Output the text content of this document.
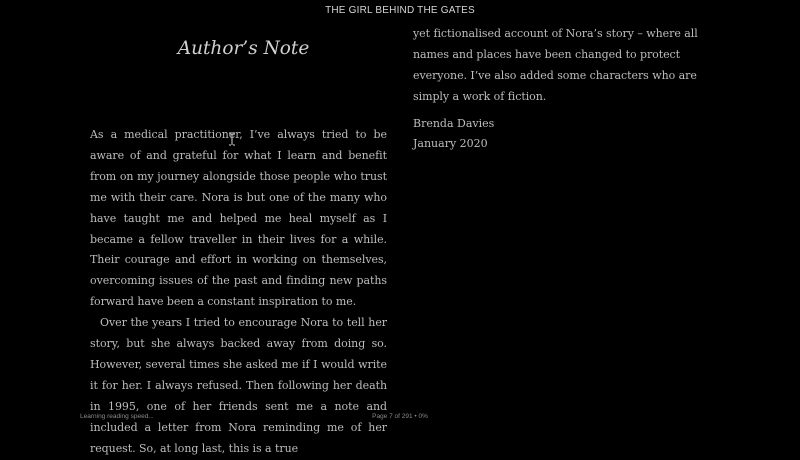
THE GIRL BEHIND THE GATES
Author’s Note

As a medical practitioner, I’ve always tried to be aware of and grateful for what I learn and benefit from on my journey alongside those people who trust me with their care. Nora is but one of the many who have taught me and helped me heal myself as I became a fellow traveller in their lives for a while. Their courage and effort in working on themselves, overcoming issues of the past and finding new paths forward have been a constant inspiration to me.

Over the years I tried to encourage Nora to tell her story, but she always backed away from doing so. However, several times she asked me if I would write it for her. I always refused. Then following her death in 1995, one of her friends sent me a note and included a letter from Nora reminding me of her request. So, at long last, this is a true

yet fictionalised account of Nora’s story – where all names and places have been changed to protect everyone. I’ve also added some characters who are simply a work of fiction.

Brenda Davies
January 2020
Learning reading speed...	Page 7 of 291 • 0%
